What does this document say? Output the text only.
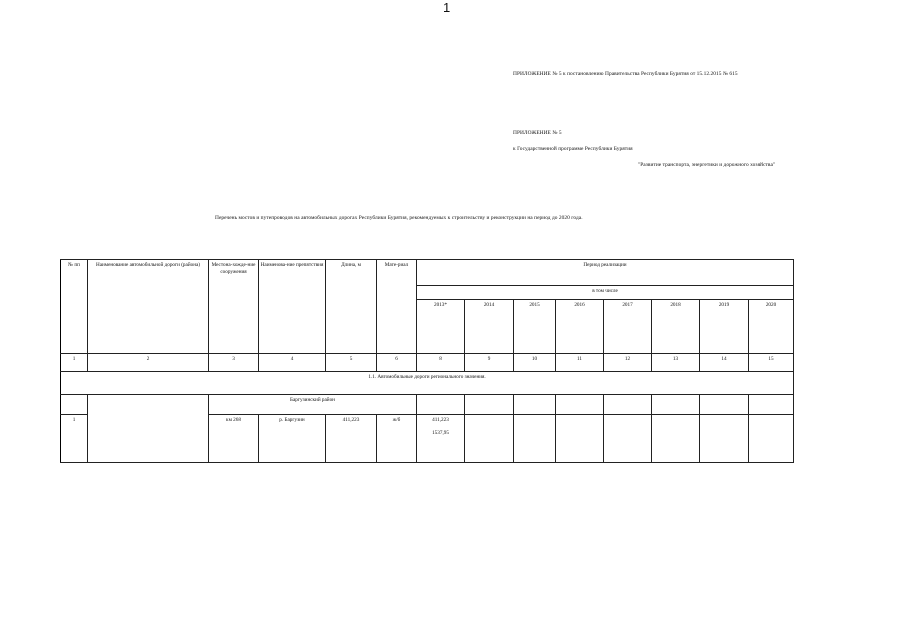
1
ПРИЛОЖЕНИЕ № 5 к постановлению Правительства Республики Бурятия от 15.12.2015 № 615
ПРИЛОЖЕНИЕ № 5
к Государственной программе Республики Бурятия
"Развитие транспорта, энергетики и дорожного хозяйства"
Перечень мостов и путепроводов на автомобильных дорогах Республики Бурятия, рекомендуемых к строительству и реконструкции на период до 2020 года.
№ пп	Наименование автомобильной дороги (района)	Местона-хожде-ние сооружения	Наименова-ние препятствия	Длина, м	Мате-риал	Период реализации							
						в том числе							
						2013*	2014	2015	2016	2017	2018	2019	2020
1	2	3	4	5	6	8	9	10	11	12	13	14	15
1.1. Автомобильные дороги регионального значения.													
		Баргузинский район											
1		км 268	р. Баргузин	411,223	ж/б	411,223
1537,95							
